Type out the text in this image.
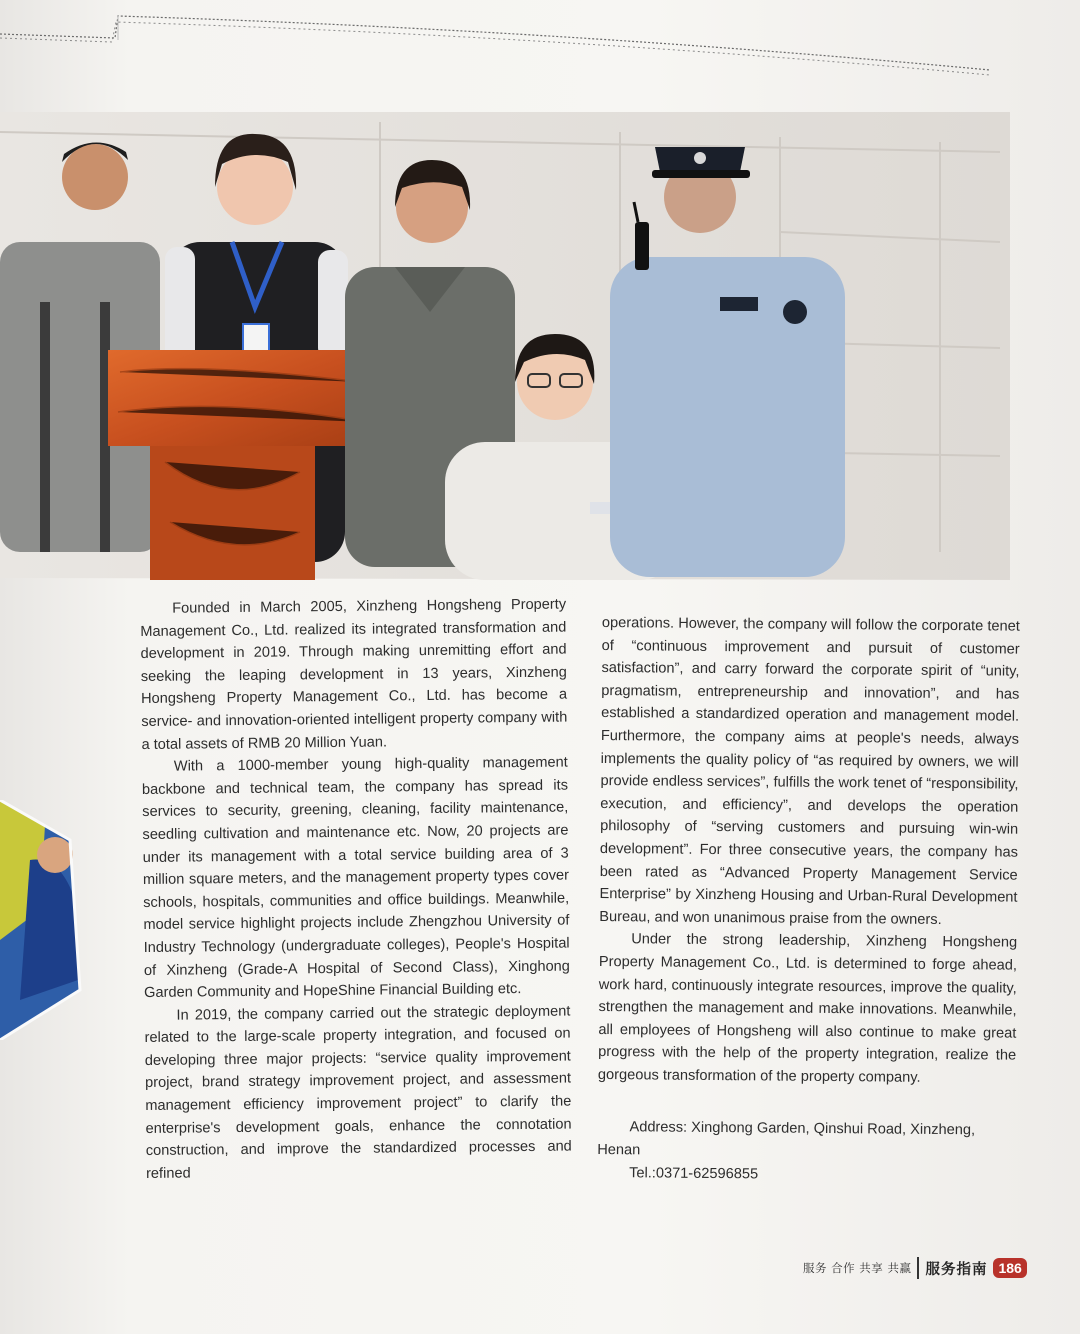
Founded in March 2005, Xinzheng Hongsheng Property Management Co., Ltd. realized its integrated transformation and development in 2019. Through making unremitting effort and seeking the leaping development in 13 years, Xinzheng Hongsheng Property Management Co., Ltd. has become a service- and innovation-oriented intelligent property company with a total assets of RMB 20 Million Yuan.

With a 1000-member young high-quality management backbone and technical team, the company has spread its services to security, greening, cleaning, facility maintenance, seedling cultivation and maintenance etc. Now, 20 projects are under its management with a total service building area of 3 million square meters, and the management property types cover schools, hospitals, communities and office buildings. Meanwhile, model service highlight projects include Zhengzhou University of Industry Technology (undergraduate colleges), People's Hospital of Xinzheng (Grade-A Hospital of Second Class), Xinghong Garden Community and HopeShine Financial Building etc.

In 2019, the company carried out the strategic deployment related to the large-scale property integration, and focused on developing three major projects: “service quality improvement project, brand strategy improvement project, and assessment management efficiency improvement project” to clarify the enterprise's development goals, enhance the connotation construction, and improve the standardized processes and refined

operations. However, the company will follow the corporate tenet of “continuous improvement and pursuit of customer satisfaction”, and carry forward the corporate spirit of “unity, pragmatism, entrepreneurship and innovation”, and has established a standardized operation and management model. Furthermore, the company aims at people's needs, always implements the quality policy of “as required by owners, we will provide endless services”, fulfills the work tenet of “responsibility, execution, and efficiency”, and develops the operation philosophy of “serving customers and pursuing win-win development”. For three consecutive years, the company has been rated as “Advanced Property Management Service Enterprise” by Xinzheng Housing and Urban-Rural Development Bureau, and won unanimous praise from the owners.

Under the strong leadership, Xinzheng Hongsheng Property Management Co., Ltd. is determined to forge ahead, work hard, continuously integrate resources, improve the quality, strengthen the management and make innovations. Meanwhile, all employees of Hongsheng will also continue to make great progress with the help of the property integration, realize the gorgeous transformation of the property company.

Address: Xinghong Garden, Qinshui Road, Xinzheng,
Henan
Tel.:0371-62596855

服务 合作 共享 共赢 服务指南 186
